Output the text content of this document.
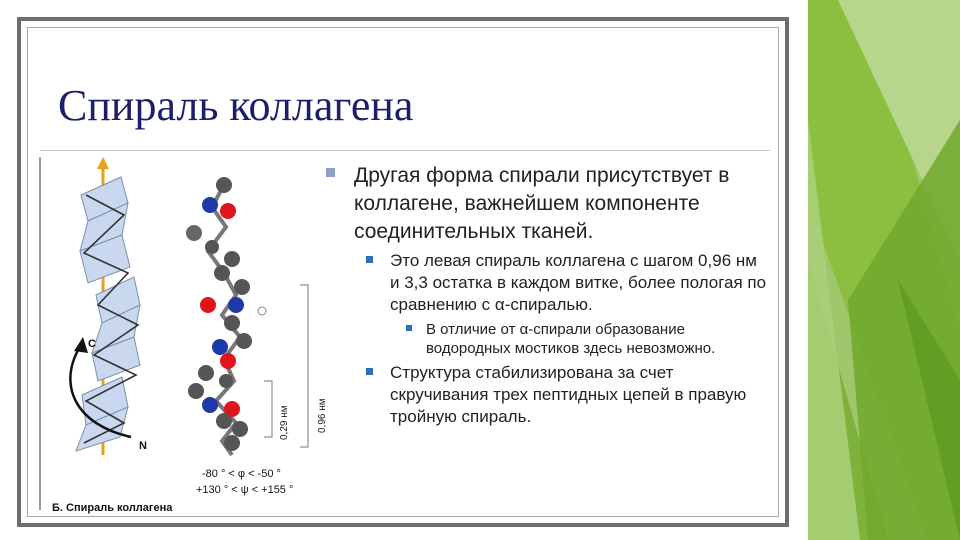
Спираль коллагена
C
N
0,29 нм	0,96 нм
-80 ° < φ < -50 °
+130 ° < ψ < +155 °
Б. Спираль коллагена
Другая форма спирали присутствует в коллагене, важнейшем компоненте соединительных тканей.
Это левая спираль коллагена с шагом 0,96 нм и 3,3 остатка в каждом витке, более пологая по сравнению с α-спиралью.
В отличие от α-спирали образование водородных мостиков здесь невозможно.
Структура стабилизирована за счет скручивания трех пептидных цепей в правую тройную спираль.
